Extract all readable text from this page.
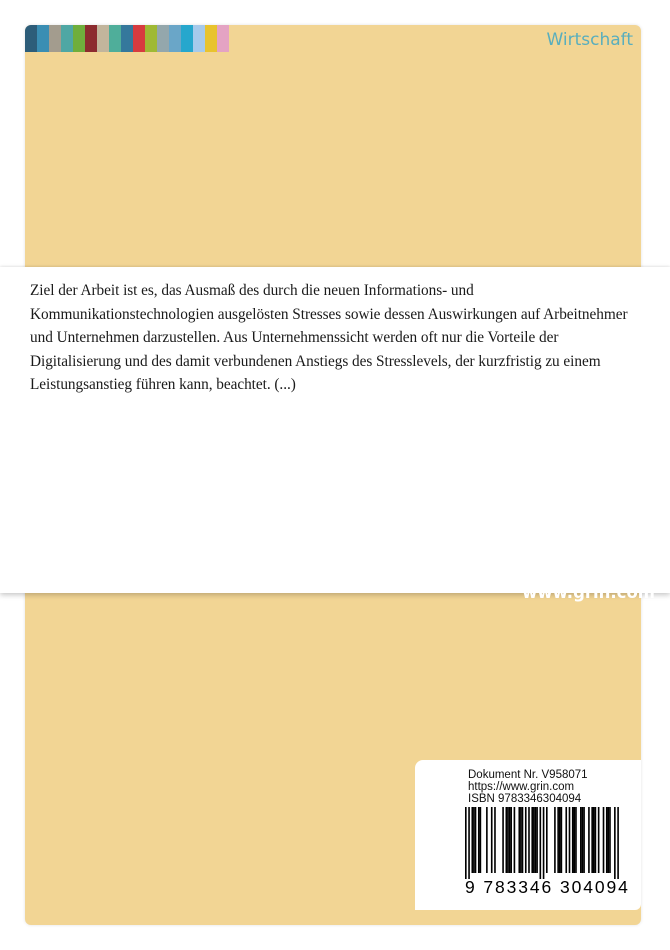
Wirtschaft

Ziel der Arbeit ist es, das Ausmaß des durch die neuen Informations- und Kommunikationstechnologien ausgelösten Stresses sowie dessen Auswirkungen auf Arbeitnehmer und Unternehmen darzustellen. Aus Unternehmenssicht werden oft nur die Vorteile der Digitalisierung und des damit verbundenen Anstiegs des Stresslevels, der kurzfristig zu einem Leistungsanstieg führen kann, beachtet. (...)

www.grin.com
Dokument Nr. V958071
https://www.grin.com
ISBN 9783346304094
9 783346 304094
